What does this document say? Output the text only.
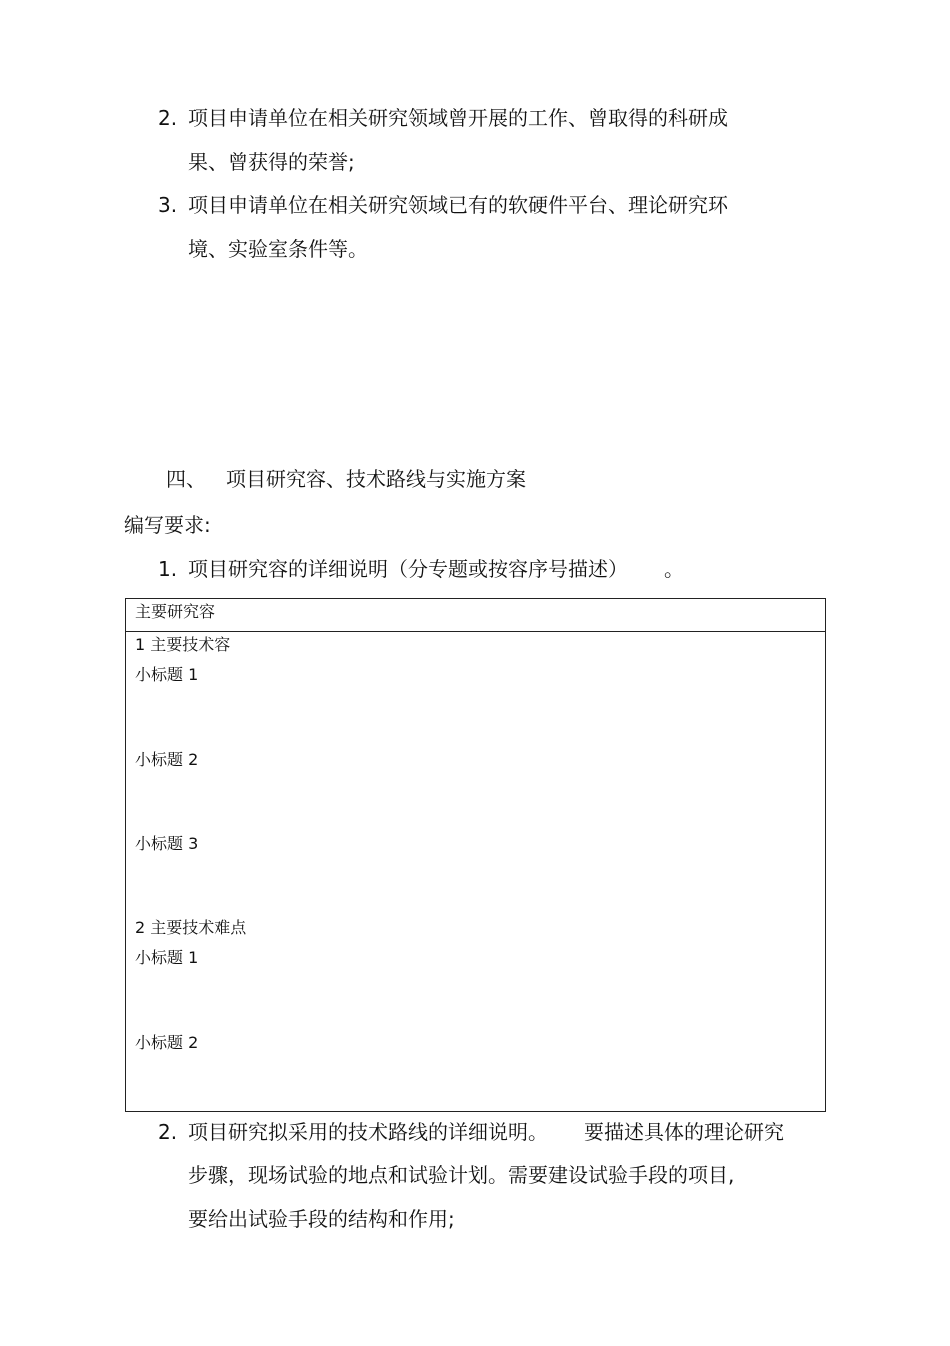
2. 项目申请单位在相关研究领域曾开展的工作、曾取得的科研成
果、曾获得的荣誉;
3. 项目申请单位在相关研究领域已有的软硬件平台、理论研究环
境、实验室条件等。
四、 项目研究容、技术路线与实施方案
编写要求:
1. 项目研究容的详细说明（分专题或按容序号描述） 。
主要研究容
1 主要技术容
小标题 1
小标题 2
小标题 3
2 主要技术难点
小标题 1
小标题 2
2. 项目研究拟采用的技术路线的详细说明。 要描述具体的理论研究
步骤，现场试验的地点和试验计划。需要建设试验手段的项目,
要给出试验手段的结构和作用;
